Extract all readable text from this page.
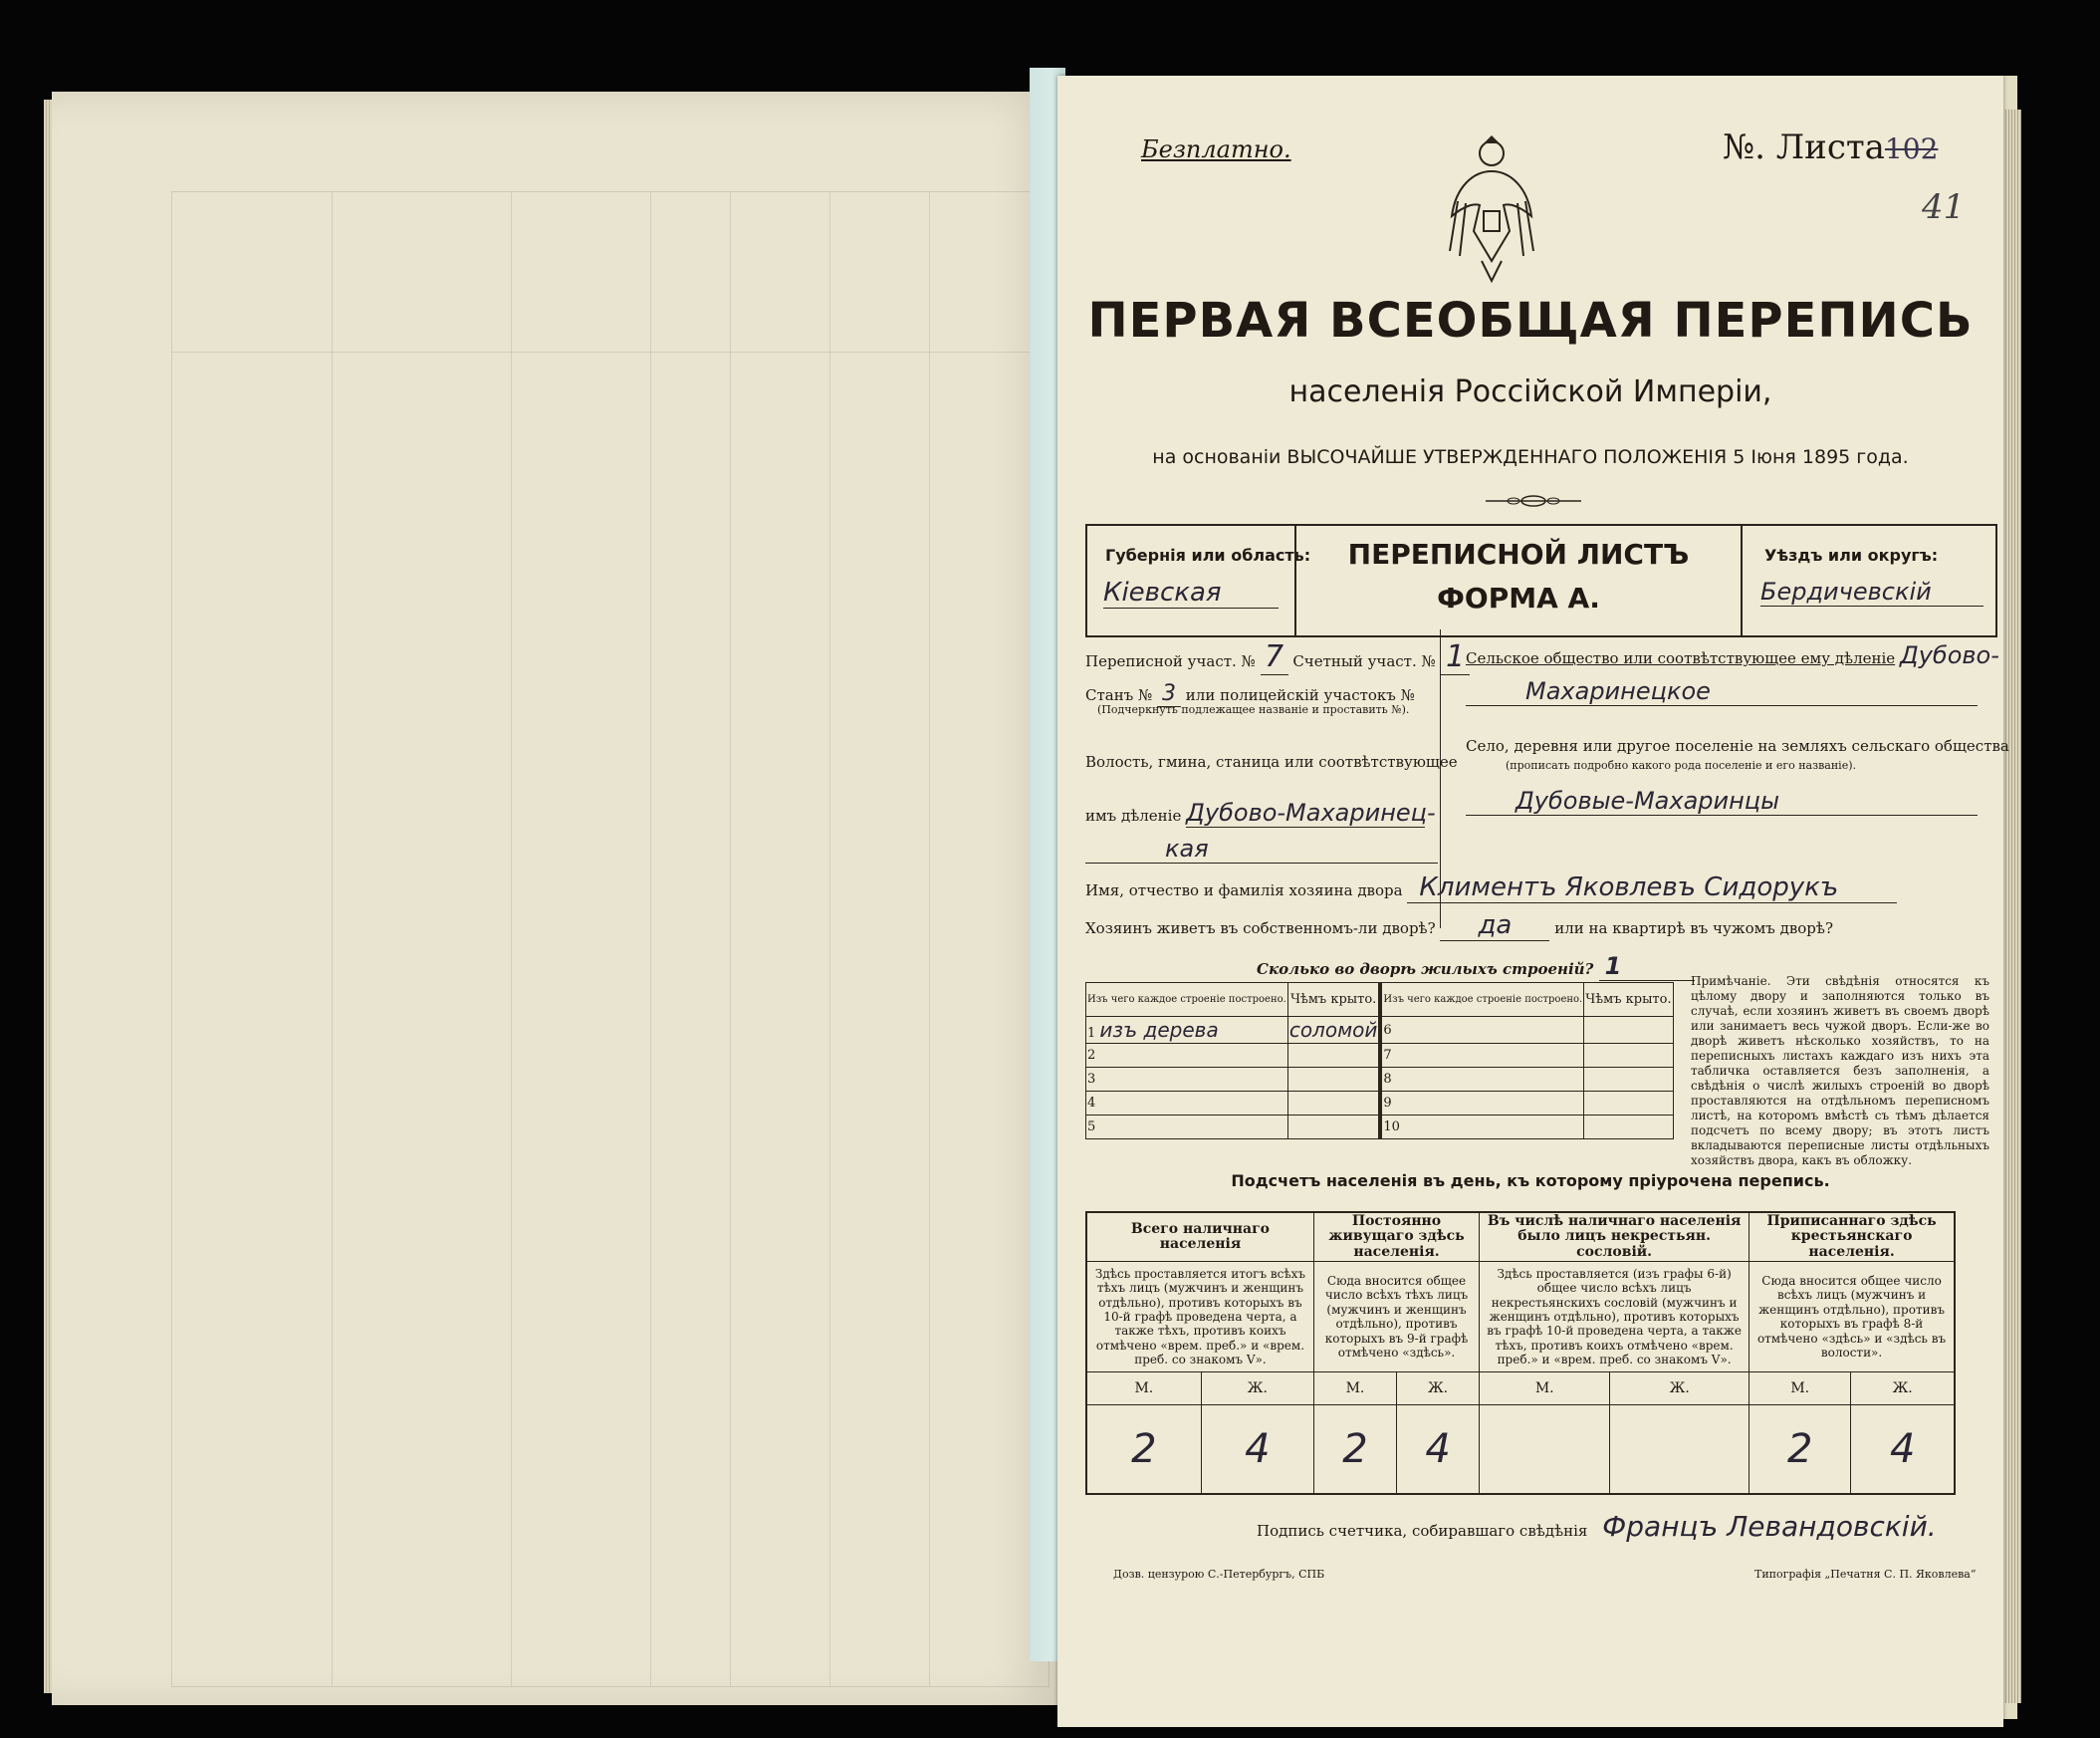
Безплатно.	№. Листа102
41
ПЕРВАЯ ВСЕОБЩАЯ ПЕРЕПИСЬ
населенія Россійской Имперіи,
на основаніи ВЫСОЧАЙШЕ УТВЕРЖДЕННАГО ПОЛОЖЕНІЯ 5 Іюня 1895 года.
Губернія или область:
Кіевская
ПЕРЕПИСНОЙ ЛИСТЪ
ФОРМА А.
Уѣздъ или округъ:
Бердичевскій
Переписной участ. № 7 Счетный участ. № 1
Станъ № 3 или полицейскій участокъ №
(Подчеркнуть подлежащее названіе и проставить №).
Волость, гмина, станица или соотвѣтствующее
имъ дѣленіе Дубово-Махаринец-
кая
Сельское общество или соотвѣтствующее ему дѣленіе Дубово-
Махаринецкое
Село, деревня или другое поселеніе на земляхъ сельскаго общества
(прописать подробно какого рода поселеніе и его названіе).
Дубовые-Махаринцы
Имя, отчество и фамилія хозяина двора Климентъ Яковлевъ Сидорукъ
Хозяинъ живетъ въ собственномъ-ли дворѣ? да	или на квартирѣ въ чужомъ дворѣ?
Сколько во дворѣ жилыхъ строеній? 1
Изъ чего каждое строеніе построено.	Чѣмъ крыто.		Изъ чего каждое строеніе построено.	Чѣмъ крыто.
1 изъ дерева	соломой		6	
2			7	
3			8	
4			9	
5			10	
Примѣчаніе. Эти свѣдѣнія относятся къ цѣлому двору и заполняются только въ случаѣ, если хозяинъ живетъ въ своемъ дворѣ или занимаетъ весь чужой дворъ. Если-же во дворѣ живетъ нѣсколько хозяйствъ, то на переписныхъ листахъ каждаго изъ нихъ эта табличка оставляется безъ заполненія, а свѣдѣнія о числѣ жилыхъ строеній во дворѣ проставляются на отдѣльномъ переписномъ листѣ, на которомъ вмѣстѣ съ тѣмъ дѣлается подсчетъ по всему двору; въ этотъ листъ вкладываются переписные листы отдѣльныхъ хозяйствъ двора, какъ въ обложку.
Подсчетъ населенія въ день, къ которому пріурочена перепись.
Всего наличнаго населенія		Постоянно живущаго здѣсь населенія.		Въ числѣ наличнаго населенія было лицъ некрестьян. сословій.		Приписаннаго здѣсь крестьянскаго населенія.	
Здѣсь проставляется итогъ всѣхъ тѣхъ лицъ (мужчинъ и женщинъ отдѣльно), противъ которыхъ въ 10-й графѣ проведена черта, а также тѣхъ, противъ коихъ отмѣчено «врем. преб.» и «врем. преб. со знакомъ V».		Сюда вносится общее число всѣхъ тѣхъ лицъ (мужчинъ и женщинъ отдѣльно), противъ которыхъ въ 9-й графѣ отмѣчено «здѣсь».		Здѣсь проставляется (изъ графы 6-й) общее число всѣхъ лицъ некрестьянскихъ сословій (мужчинъ и женщинъ отдѣльно), противъ которыхъ въ графѣ 10-й проведена черта, а также тѣхъ, противъ коихъ отмѣчено «врем. преб.» и «врем. преб. со знакомъ V».		Сюда вносится общее число всѣхъ лицъ (мужчинъ и женщинъ отдѣльно), противъ которыхъ въ графѣ 8-й отмѣчено «здѣсь» и «здѣсь въ волости».	
М.	Ж.	М.	Ж.	М.	Ж.	М.	Ж.
2	4	2	4			2	4
Подпись счетчика, собиравшаго свѣдѣнія Францъ Левандовскій.
Дозв. цензурою С.-Петербургъ, СПБ	Типографія „Печатня С. П. Яковлева“
